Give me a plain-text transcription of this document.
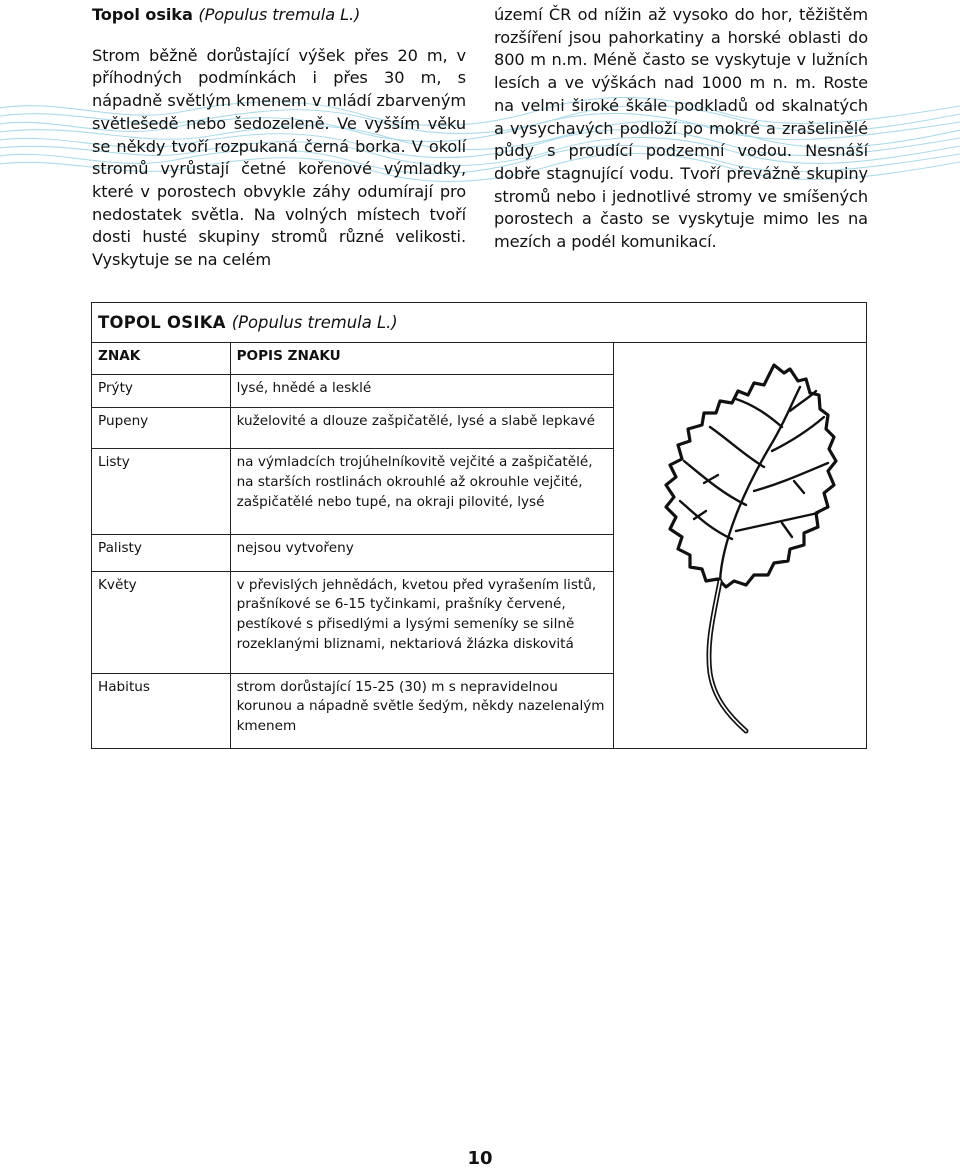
Topol osika (Populus tremula L.)

Strom běžně dorůstající výšek přes 20 m, v příhodných podmínkách i přes 30 m, s nápadně světlým kmenem v mládí zbarveným světlešedě nebo šedozeleně. Ve vyšším věku se někdy tvoří rozpukaná černá borka. V okolí stromů vyrůstají četné kořenové výmladky, které v porostech obvykle záhy odumírají pro nedostatek světla. Na volných místech tvoří dosti husté skupiny stromů různé velikosti. Vyskytuje se na celém

území ČR od nížin až vysoko do hor, těžištěm rozšíření jsou pahorkatiny a horské oblasti do 800 m n.m. Méně často se vyskytuje v lužních lesích a ve výškách nad 1000 m n. m. Roste na velmi široké škále podkladů od skalnatých a vysychavých podloží po mokré a zrašelinělé půdy s proudící podzemní vodou. Nesnáší dobře stagnující vodu. Tvoří převážně skupiny stromů nebo i jednotlivé stromy ve smíšených porostech a často se vyskytuje mimo les na mezích a podél komunikací.

TOPOL OSIKA (Populus tremula L.)		
ZNAK	POPIS ZNAKU	

Prýty	lysé, hnědé a lesklé	
Pupeny	kuželovité a dlouze zašpičatělé, lysé a slabě lepkavé	
Listy	na výmladcích trojúhelníkovitě vejčité a zašpičatělé, na starších rostlinách okrouhlé až okrouhle vejčité, zašpičatělé nebo tupé, na okraji pilovité, lysé	
Palisty	nejsou vytvořeny	
Květy	v převislých jehnědách, kvetou před vyrašením listů, prašníkové se 6-15 tyčinkami, prašníky červené, pestíkové s přisedlými a lysými semeníky se silně rozeklanými bliznami, nektariová žlázka diskovitá	
Habitus	strom dorůstající 15-25 (30) m s nepravidelnou korunou a nápadně světle šedým, někdy nazelenalým kmenem	
10
